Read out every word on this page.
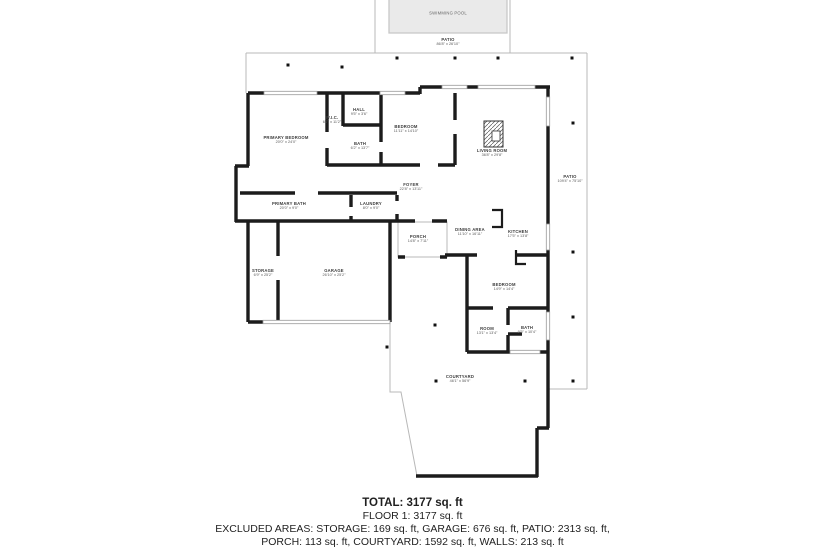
SWIMMING POOL
PATIO
86'8" x 26'10"
PRIMARY BEDROOM
20'0" x 24'0"
W.I.C.
6'7" x 11'2"
HALL
9'5" x 3'6"
BATH
6'2" x 13'7"
BEDROOM
11'11" x 14'10"
LIVING ROOM
36'8" x 29'8"
PATIO
109'4" x 75'10"
FOYER
22'8" x 13'11"
PRIMARY BATH
20'0" x 9'0"
LAUNDRY
8'0" x 9'0"
PORCH
14'8" x 7'11"
DINING AREA
11'10" x 16'11"
KITCHEN
17'5" x 13'8"
STORAGE
6'9" x 25'2"
GARAGE
26'10" x 25'2"
BEDROOM
14'9" x 14'4"
ROOM
13'1" x 13'4"
BATH
9'5" x 10'4"
COURTYARD
46'1" x 56'9"
TOTAL: 3177 sq. ft
FLOOR 1: 3177 sq. ft
EXCLUDED AREAS: STORAGE: 169 sq. ft, GARAGE: 676 sq. ft, PATIO: 2313 sq. ft,
PORCH: 113 sq. ft, COURTYARD: 1592 sq. ft, WALLS: 213 sq. ft
